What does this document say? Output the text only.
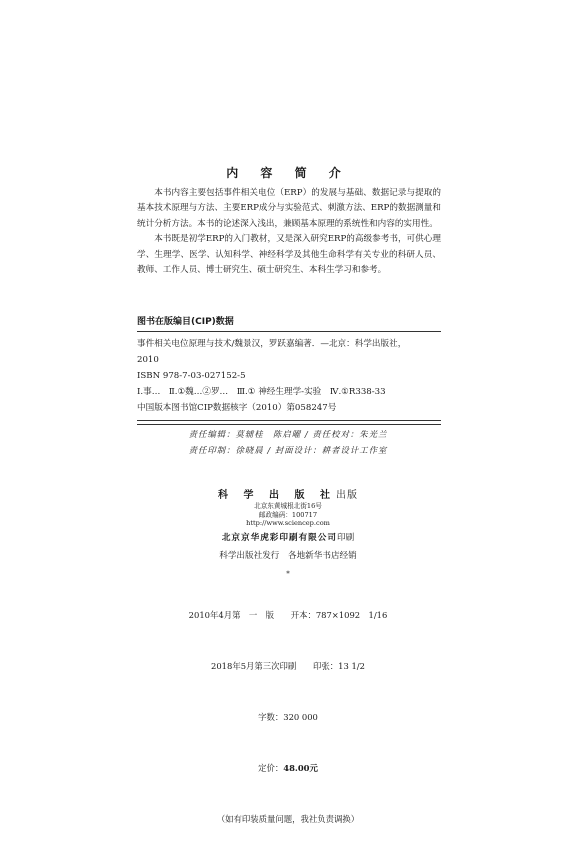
内 容 简 介

本书内容主要包括事件相关电位（ERP）的发展与基础、数据记录与提取的基本技术原理与方法、主要ERP成分与实验范式、刺激方法、ERP的数据测量和统计分析方法。本书的论述深入浅出，兼顾基本原理的系统性和内容的实用性。

本书既是初学ERP的入门教材，又是深入研究ERP的高级参考书，可供心理学、生理学、医学、认知科学、神经科学及其他生命科学有关专业的科研人员、教师、工作人员、博士研究生、硕士研究生、本科生学习和参考。

图书在版编目(CIP)数据
事件相关电位原理与技术/魏景汉，罗跃嘉编著．—北京：科学出版社，
2010
ISBN 978-7-03-027152-5
Ⅰ.事…　Ⅱ.①魏…②罗…　Ⅲ.① 神经生理学-实验　Ⅳ.①R338-33
中国版本图书馆CIP数据核字（2010）第058247号
责任编辑：莫辅桂　陈启曜 / 责任校对：朱光兰
责任印制：徐晓晨 / 封面设计：耕者设计工作室
科 学 出 版 社出版
北京东黄城根北街16号
邮政编码：100717
http://www.sciencep.com
北京京华虎彩印刷有限公司印刷
科学出版社发行　各地新华书店经销
*

2010年4月第　一　版　　开本：787×1092　1/16

2018年5月第三次印刷　　印张：13 1/2

字数：320 000

定价：48.00元

（如有印装质量问题，我社负责调换）
